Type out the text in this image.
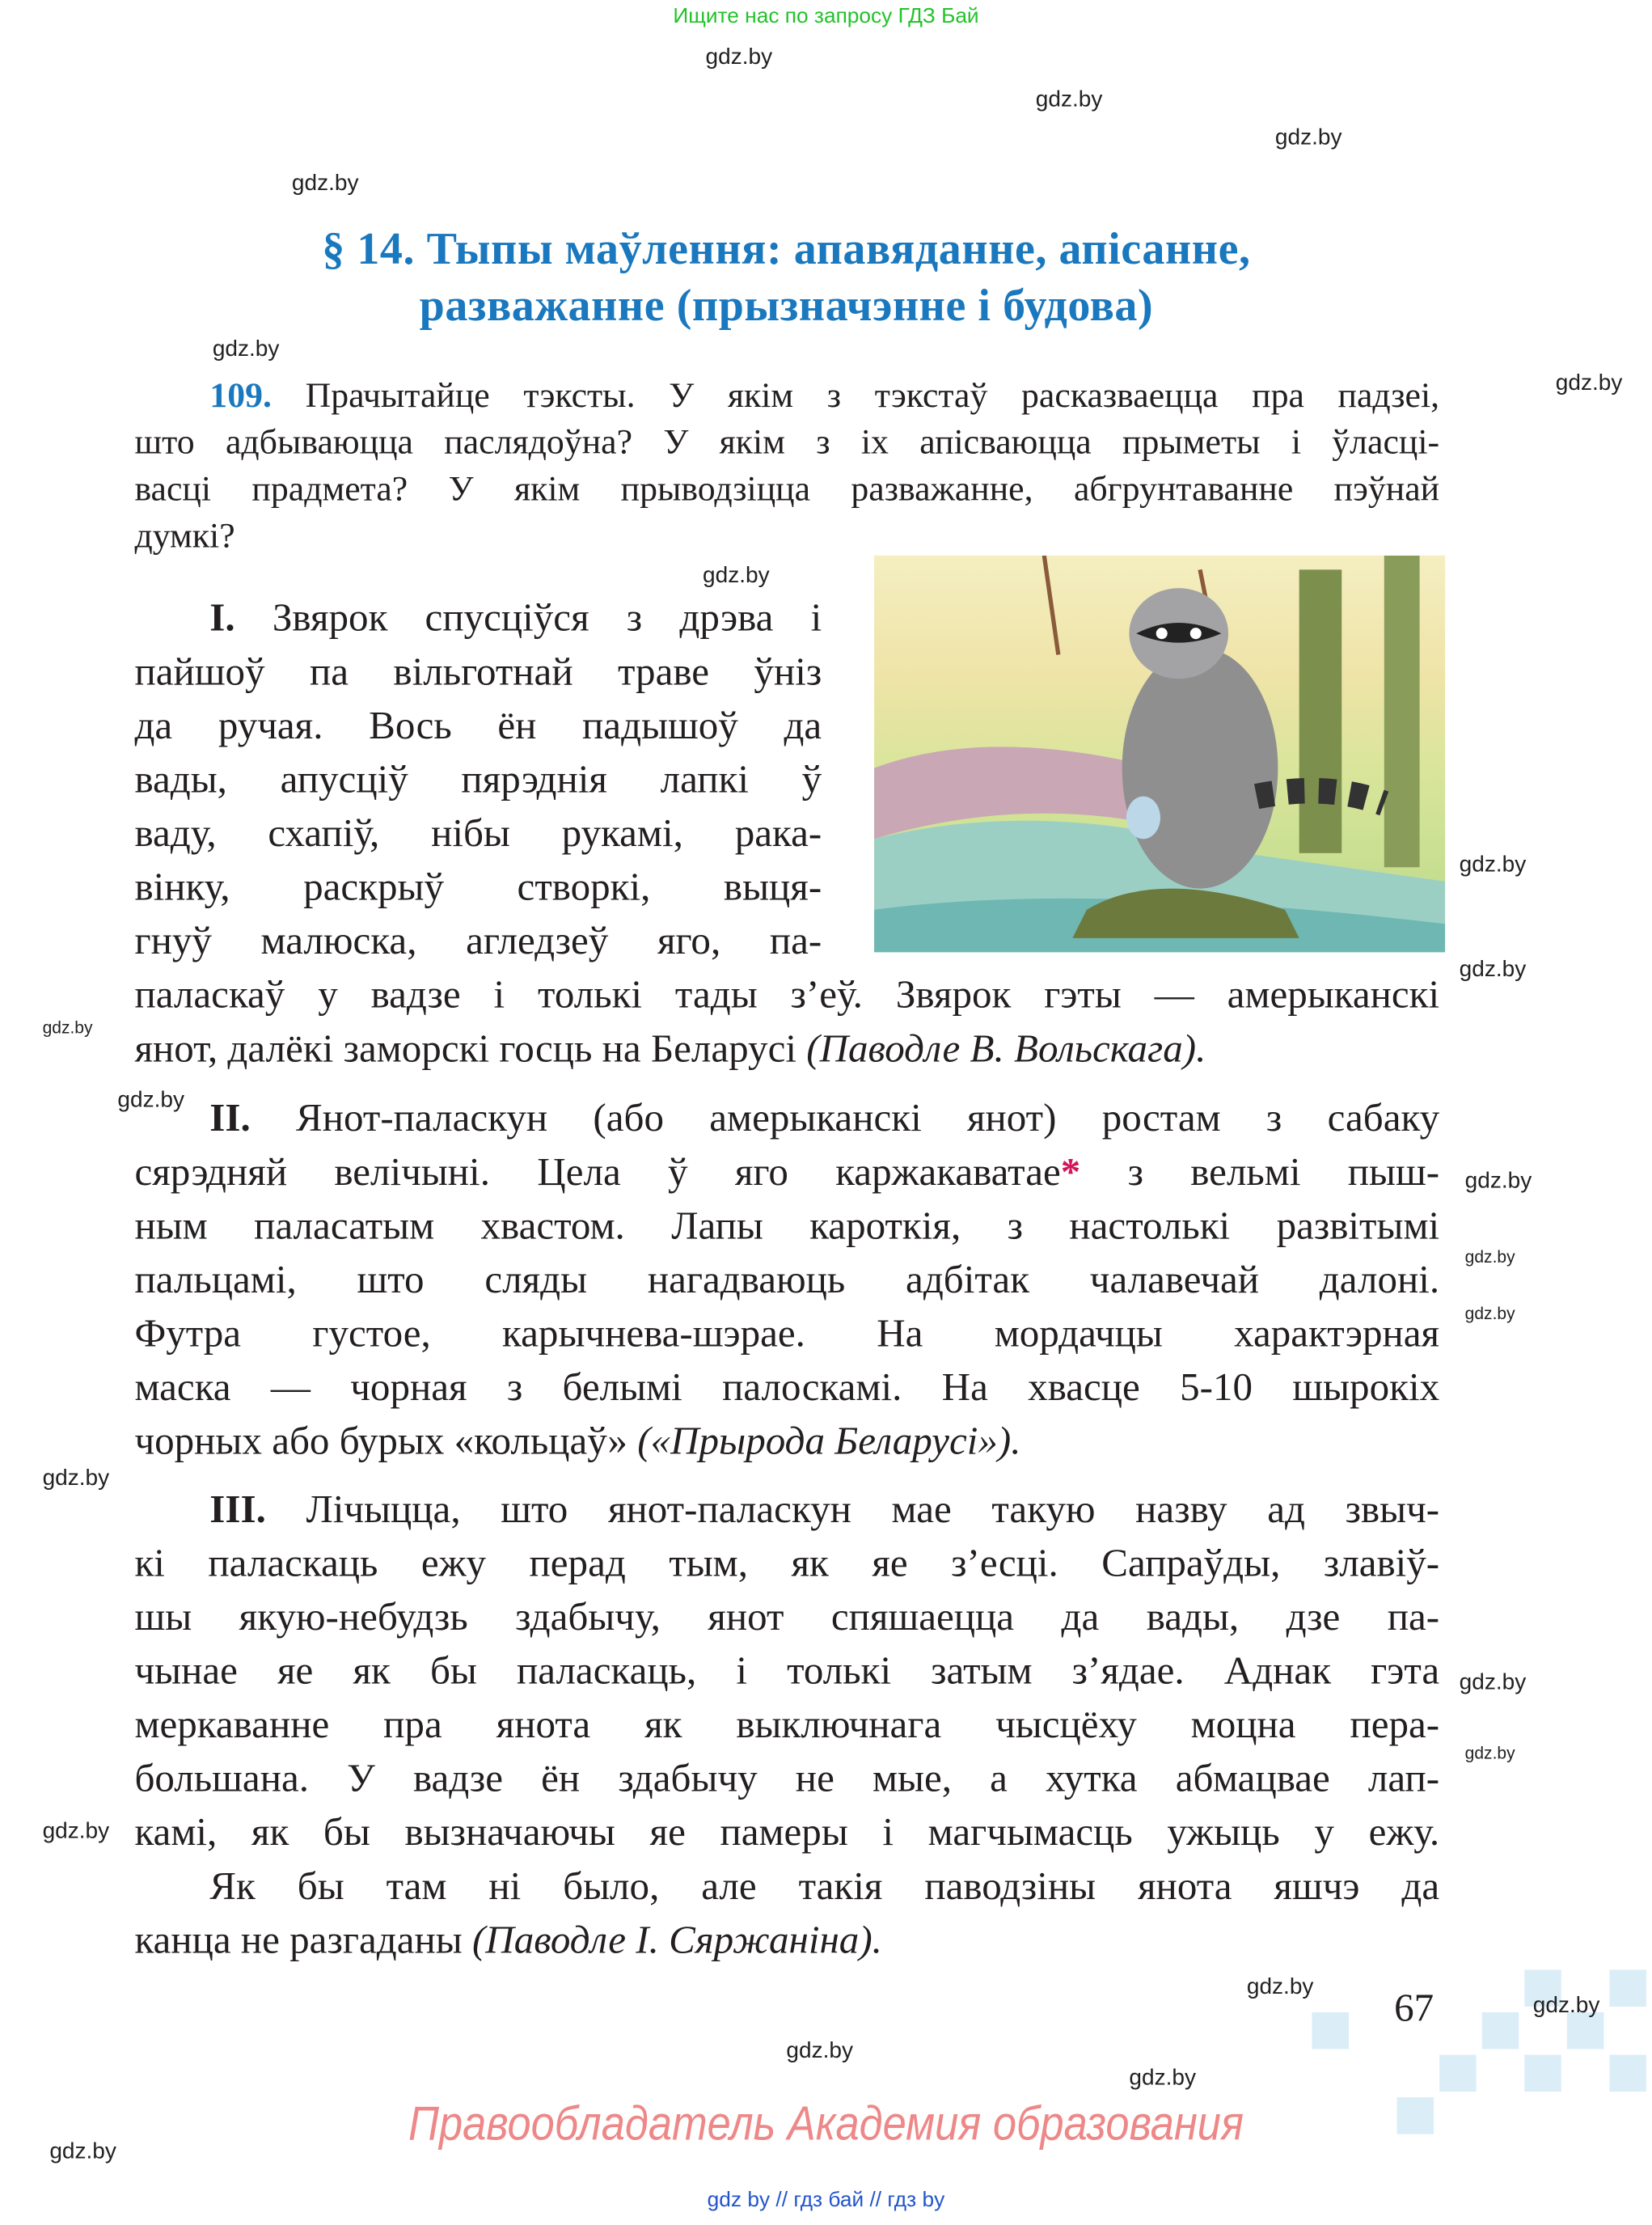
Ищите нас по запросу ГДЗ Бай
gdz.by
gdz.by
gdz.by
gdz.by
gdz.by
gdz.by
gdz.by
gdz.by
gdz.by
gdz.by
gdz.by
gdz.by
gdz.by
gdz.by
gdz.by
gdz.by
gdz.by
gdz.by
gdz.by
gdz.by
gdz.by
gdz.by
gdz.by
§ 14. Тыпы маўлення: апавяданне, апісанне,
разважанне (прызначэнне і будова)
109. Прачытайце тэксты. У якім з тэкстаў расказваецца пра падзеі,
што адбываюцца паслядоўна? У якім з іх апісваюцца прыметы і ўласці-
васці прадмета? У якім прыводзіцца разважанне, абгрунтаванне пэўнай
думкі?
I. Звярок спусціўся з дрэва і
пайшоў па вільготнай траве ўніз
да ручая. Вось ён падышоў да
вады, апусціў пярэднія лапкі ў
ваду, схапіў, нібы рукамі, рака-
вінку, раскрыў створкі, выця-
гнуў малюска, агледзеў яго, па-
паласкаў у вадзе і толькі тады з’еў. Звярок гэты — амерыканскі
янот, далёкі заморскі госць на Беларусі (Паводле В. Вольскага).
II. Янот-паласкун (або амерыканскі янот) ростам з сабаку
сярэдняй велічыні. Цела ў яго каржакаватае* з вельмі пыш-
ным паласатым хвастом. Лапы кароткія, з настолькі развітымі
пальцамі, што сляды нагадваюць адбітак чалавечай далоні.
Футра густое, карычнева-шэрае. На мордачцы характэрная
маска — чорная з белымі палоскамі. На хвасце 5-10 шырокіх
чорных або бурых «кольцаў» («Прырода Беларусі»).
III. Лічыцца, што янот-паласкун мае такую назву ад звыч-
кі паласкаць ежу перад тым, як яе з’есці. Сапраўды, злавіў-
шы якую-небудзь здабычу, янот спяшаецца да вады, дзе па-
чынае яе як бы паласкаць, і толькі затым з’ядае. Аднак гэта
меркаванне пра янота як выключнага чысцёху моцна пера-
большана. У вадзе ён здабычу не мые, а хутка абмацвае лап-
камі, як бы вызначаючы яе памеры і магчымасць ужыць у ежу.
Як бы там ні было, але такія паводзіны янота яшчэ да
канца не разгаданы (Паводле І. Сяржаніна).
67
Правообладатель Академия образования
gdz by // гдз бай // гдз by
